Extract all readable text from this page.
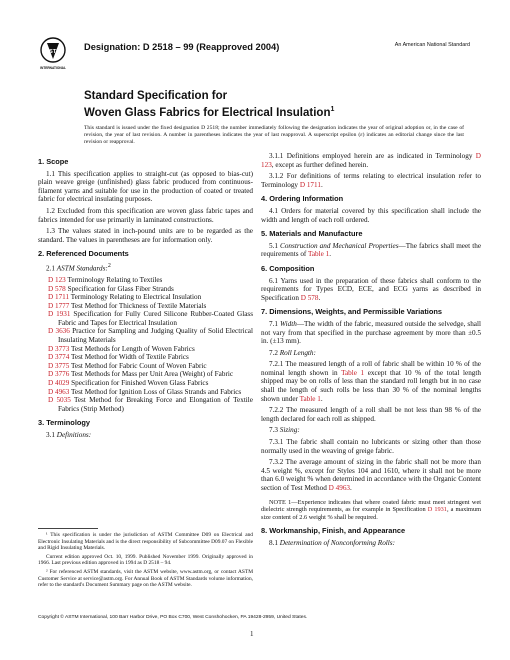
ASTM
INTERNATIONAL
Designation: D 2518 – 99 (Reapproved 2004)	An American National Standard
Standard Specification for
Woven Glass Fabrics for Electrical Insulation$^1$
This standard is issued under the fixed designation D 2518; the number immediately following the designation indicates the year of original adoption or, in the case of revision, the year of last revision. A number in parentheses indicates the year of last reapproval. A superscript epsilon (ε) indicates an editorial change since the last revision or reapproval.
1. Scope

1.1 This specification applies to straight-cut (as opposed to bias-cut) plain weave greige (unfinished) glass fabric produced from continuous-filament yarns and suitable for use in the production of coated or treated fabric for electrical insulating purposes.

1.2 Excluded from this specification are woven glass fabric tapes and fabrics intended for use primarily in laminated constructions.

1.3 The values stated in inch-pound units are to be regarded as the standard. The values in parentheses are for information only.

2. Referenced Documents

2.1 ASTM Standards:$^2$

D 123 Terminology Relating to Textiles

D 578 Specification for Glass Fiber Strands

D 1711 Terminology Relating to Electrical Insulation

D 1777 Test Method for Thickness of Textile Materials

D 1931 Specification for Fully Cured Silicone Rubber-Coated Glass Fabric and Tapes for Electrical Insulation

D 3636 Practice for Sampling and Judging Quality of Solid Electrical Insulating Materials

D 3773 Test Methods for Length of Woven Fabrics

D 3774 Test Method for Width of Textile Fabrics

D 3775 Test Method for Fabric Count of Woven Fabric

D 3776 Test Methods for Mass per Unit Area (Weight) of Fabric

D 4029 Specification for Finished Woven Glass Fabrics

D 4963 Test Method for Ignition Loss of Glass Strands and Fabrics

D 5035 Test Method for Breaking Force and Elongation of Textile Fabrics (Strip Method)

3. Terminology

3.1 Definitions:

¹ This specification is under the jurisdiction of ASTM Committee D09 on Electrical and Electronic Insulating Materials and is the direct responsibility of Subcommittee D09.07 on Flexible and Rigid Insulating Materials.

Current edition approved Oct. 10, 1999. Published November 1999. Originally approved in 1966. Last previous edition approved in 1994 as D 2518 – 94.

² For referenced ASTM standards, visit the ASTM website, www.astm.org, or contact ASTM Customer Service at service@astm.org. For Annual Book of ASTM Standards volume information, refer to the standard's Document Summary page on the ASTM website.

3.1.1 Definitions employed herein are as indicated in Terminology D 123, except as further defined herein.

3.1.2 For definitions of terms relating to electrical insulation refer to Terminology D 1711.

4. Ordering Information

4.1 Orders for material covered by this specification shall include the width and length of each roll ordered.

5. Materials and Manufacture

5.1 Construction and Mechanical Properties—The fabrics shall meet the requirements of Table 1.

6. Composition

6.1 Yarns used in the preparation of these fabrics shall conform to the requirements for Types ECD, ECE, and ECG yarns as described in Specification D 578.

7. Dimensions, Weights, and Permissible Variations

7.1 Width—The width of the fabric, measured outside the selvedge, shall not vary from that specified in the purchase agreement by more than ±0.5 in. (±13 mm).

7.2 Roll Length:

7.2.1 The measured length of a roll of fabric shall be within 10 % of the nominal length shown in Table 1 except that 10 % of the total length shipped may be on rolls of less than the standard roll length but in no case shall the length of such rolls be less than 30 % of the nominal lengths shown under Table 1.

7.2.2 The measured length of a roll shall be not less than 98 % of the length declared for each roll as shipped.

7.3 Sizing:

7.3.1 The fabric shall contain no lubricants or sizing other than those normally used in the weaving of greige fabric.

7.3.2 The average amount of sizing in the fabric shall not be more than 4.5 weight %, except for Styles 104 and 1610, where it shall not be more than 6.0 weight % when determined in accordance with the Organic Content section of Test Method D 4963.

NOTE 1—Experience indicates that where coated fabric must meet stringent wet dielectric strength requirements, as for example in Specification D 1931, a maximum size content of 2.6 weight % shall be required.
8. Workmanship, Finish, and Appearance

8.1 Determination of Nonconforming Rolls:

Copyright © ASTM International, 100 Barr Harbor Drive, PO Box C700, West Conshohocken, PA 19428-2959, United States.
1
